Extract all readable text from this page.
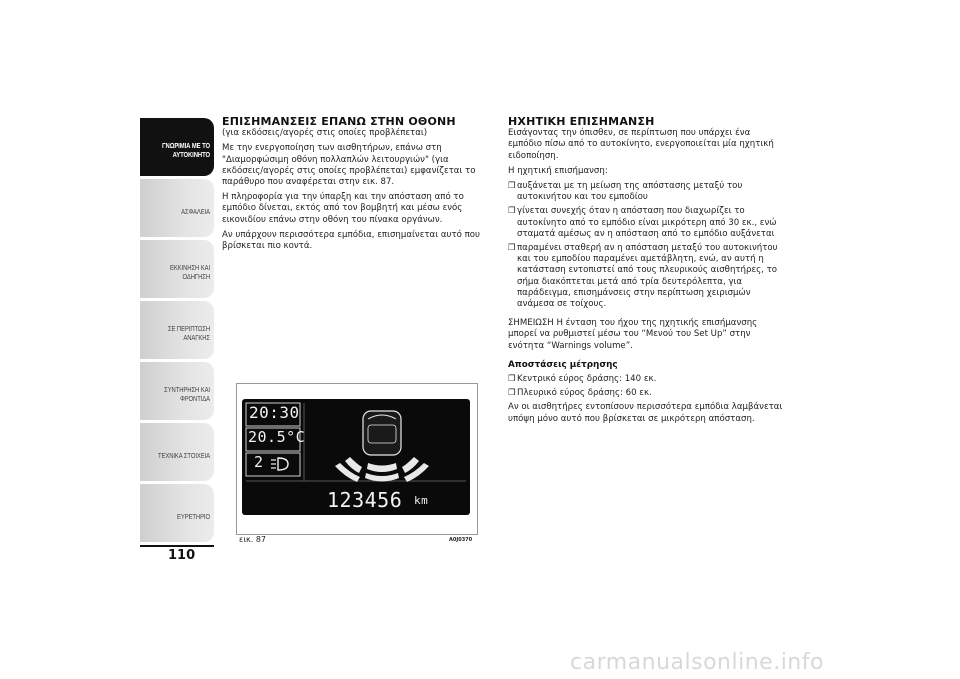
ΓΝΩΡΙΜΙΑ ΜΕ ΤΟ ΑΥΤΟΚΙΝΗΤΟ
ΑΣΦΑΛΕΙΑ
ΕΚΚΙΝΗΣΗ ΚΑΙ ΟΔΗΓΗΣΗ
ΣΕ ΠΕΡΙΠΤΩΣΗ ΑΝΑΓΚΗΣ
ΣΥΝΤΗΡΗΣΗ ΚΑΙ ΦΡΟΝΤΙΔΑ
ΤΕΧΝΙΚΑ ΣΤΟΙΧΕΙΑ
ΕΥΡΕΤΗΡΙΟ
110
ΕΠΙΣΗΜΑΝΣΕΙΣ ΕΠΑΝΩ ΣΤΗΝ ΟΘΟΝΗ

(για εκδόσεις/αγορές στις οποίες προβλέπεται)

Με την ενεργοποίηση των αισθητήρων, επάνω στη "Διαμορφώσιμη οθόνη πολλαπλών λειτουργιών" (για εκδόσεις/αγορές στις οποίες προβλέπεται) εμφανίζεται το παράθυρο που αναφέρεται στην εικ. 87.

Η πληροφορία για την ύπαρξη και την απόσταση από το εμπόδιο δίνεται, εκτός από τον βομβητή και μέσω ενός εικονιδίου επάνω στην οθόνη του πίνακα οργάνων.

Αν υπάρχουν περισσότερα εμπόδια, επισημαίνεται αυτό που βρίσκεται πιο κοντά.

20:30
20.5°C
2
123456 km
εικ. 87	A0J0370
ΗΧΗΤΙΚΗ ΕΠΙΣΗΜΑΝΣΗ

Εισάγοντας την όπισθεν, σε περίπτωση που υπάρχει ένα εμπόδιο πίσω από το αυτοκίνητο, ενεργοποιείται μία ηχητική ειδοποίηση.

Η ηχητική επισήμανση:

❒ αυξάνεται με τη μείωση της απόστασης μεταξύ του αυτοκινήτου και του εμποδίου
❒ γίνεται συνεχής όταν η απόσταση που διαχωρίζει το αυτοκίνητο από το εμπόδιο είναι μικρότερη από 30 εκ., ενώ σταματά αμέσως αν η απόσταση από το εμπόδιο αυξάνεται
❒ παραμένει σταθερή αν η απόσταση μεταξύ του αυτοκινήτου και του εμποδίου παραμένει αμετάβλητη, ενώ, αν αυτή η κατάσταση εντοπιστεί από τους πλευρικούς αισθητήρες, το σήμα διακόπτεται μετά από τρία δευτερόλεπτα, για παράδειγμα, επισημάνσεις στην περίπτωση χειρισμών ανάμεσα σε τοίχους.

ΣΗΜΕΙΩΣΗ Η ένταση του ήχου της ηχητικής επισήμανσης μπορεί να ρυθμιστεί μέσω του “Μενού του Set Up” στην ενότητα “Warnings volume”.

Αποστάσεις μέτρησης
❒ Κεντρικό εύρος δράσης: 140 εκ.
❒ Πλευρικό εύρος δράσης: 60 εκ.

Αν οι αισθητήρες εντοπίσουν περισσότερα εμπόδια λαμβάνεται υπόψη μόνο αυτό που βρίσκεται σε μικρότερη απόσταση.

carmanualsonline.info
